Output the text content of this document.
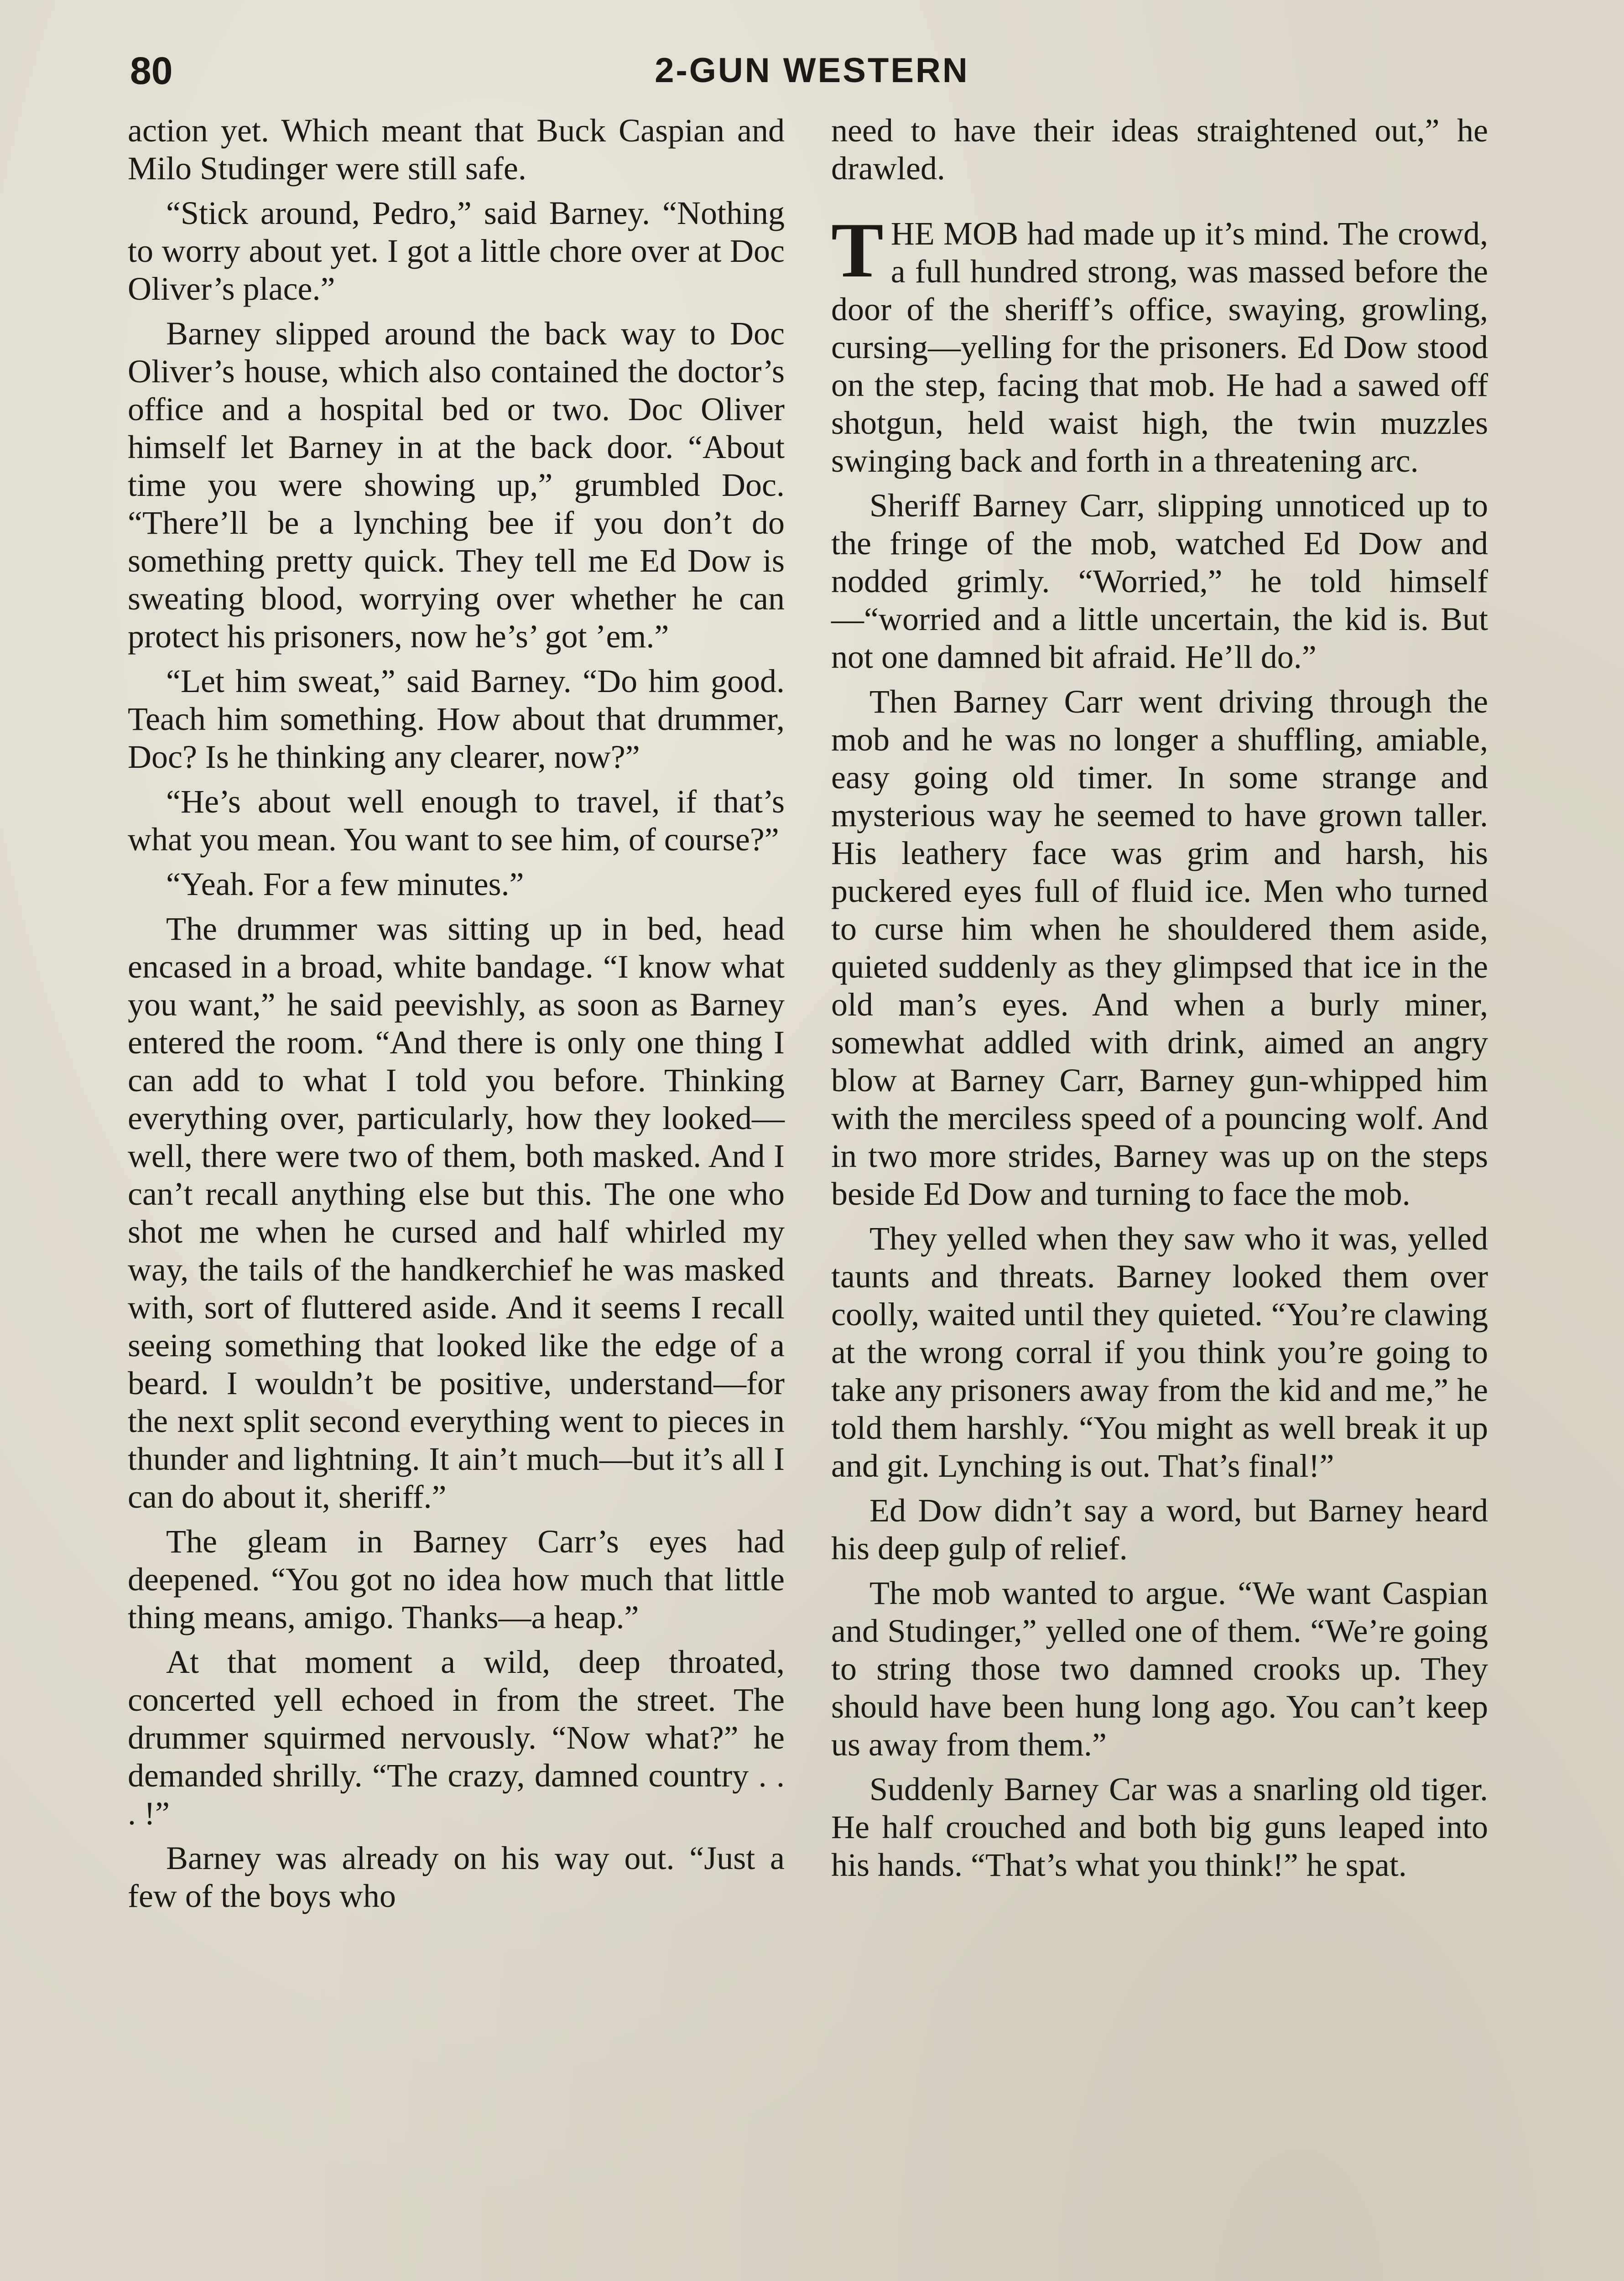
80	2-GUN WESTERN

action yet. Which meant that Buck Caspian and Milo Studinger were still safe.

“Stick around, Pedro,” said Barney. “Nothing to worry about yet. I got a little chore over at Doc Oliver’s place.”

Barney slipped around the back way to Doc Oliver’s house, which also contained the doctor’s office and a hospital bed or two. Doc Oliver himself let Barney in at the back door. “About time you were showing up,” grumbled Doc. “There’ll be a lynching bee if you don’t do something pretty quick. They tell me Ed Dow is sweating blood, worrying over whether he can protect his prisoners, now he’s’ got ’em.”

“Let him sweat,” said Barney. “Do him good. Teach him something. How about that drummer, Doc? Is he thinking any clearer, now?”

“He’s about well enough to travel, if that’s what you mean. You want to see him, of course?”

“Yeah. For a few minutes.”

The drummer was sitting up in bed, head encased in a broad, white bandage. “I know what you want,” he said peevishly, as soon as Barney entered the room. “And there is only one thing I can add to what I told you before. Thinking everything over, particularly, how they looked—well, there were two of them, both masked. And I can’t recall anything else but this. The one who shot me when he cursed and half whirled my way, the tails of the handkerchief he was masked with, sort of fluttered aside. And it seems I recall seeing something that looked like the edge of a beard. I wouldn’t be positive, understand—for the next split second everything went to pieces in thunder and lightning. It ain’t much—but it’s all I can do about it, sheriff.”

The gleam in Barney Carr’s eyes had deepened. “You got no idea how much that little thing means, amigo. Thanks—a heap.”

At that moment a wild, deep throated, concerted yell echoed in from the street. The drummer squirmed nervously. “Now what?” he demanded shrilly. “The crazy, damned country . . . !”

Barney was already on his way out. “Just a few of the boys who

need to have their ideas straightened out,” he drawled.

THE MOB had made up it’s mind. The crowd, a full hundred strong, was massed before the door of the sheriff’s office, swaying, growling, cursing—yelling for the prisoners. Ed Dow stood on the step, facing that mob. He had a sawed off shotgun, held waist high, the twin muzzles swinging back and forth in a threatening arc.

Sheriff Barney Carr, slipping unnoticed up to the fringe of the mob, watched Ed Dow and nodded grimly. “Worried,” he told himself—“worried and a little uncertain, the kid is. But not one damned bit afraid. He’ll do.”

Then Barney Carr went driving through the mob and he was no longer a shuffling, amiable, easy going old timer. In some strange and mysterious way he seemed to have grown taller. His leathery face was grim and harsh, his puckered eyes full of fluid ice. Men who turned to curse him when he shouldered them aside, quieted suddenly as they glimpsed that ice in the old man’s eyes. And when a burly miner, somewhat addled with drink, aimed an angry blow at Barney Carr, Barney gun-whipped him with the merciless speed of a pouncing wolf. And in two more strides, Barney was up on the steps beside Ed Dow and turning to face the mob.

They yelled when they saw who it was, yelled taunts and threats. Barney looked them over coolly, waited until they quieted. “You’re clawing at the wrong corral if you think you’re going to take any prisoners away from the kid and me,” he told them harshly. “You might as well break it up and git. Lynching is out. That’s final!”

Ed Dow didn’t say a word, but Barney heard his deep gulp of relief.

The mob wanted to argue. “We want Caspian and Studinger,” yelled one of them. “We’re going to string those two damned crooks up. They should have been hung long ago. You can’t keep us away from them.”

Suddenly Barney Car was a snarling old tiger. He half crouched and both big guns leaped into his hands. “That’s what you think!” he spat.
